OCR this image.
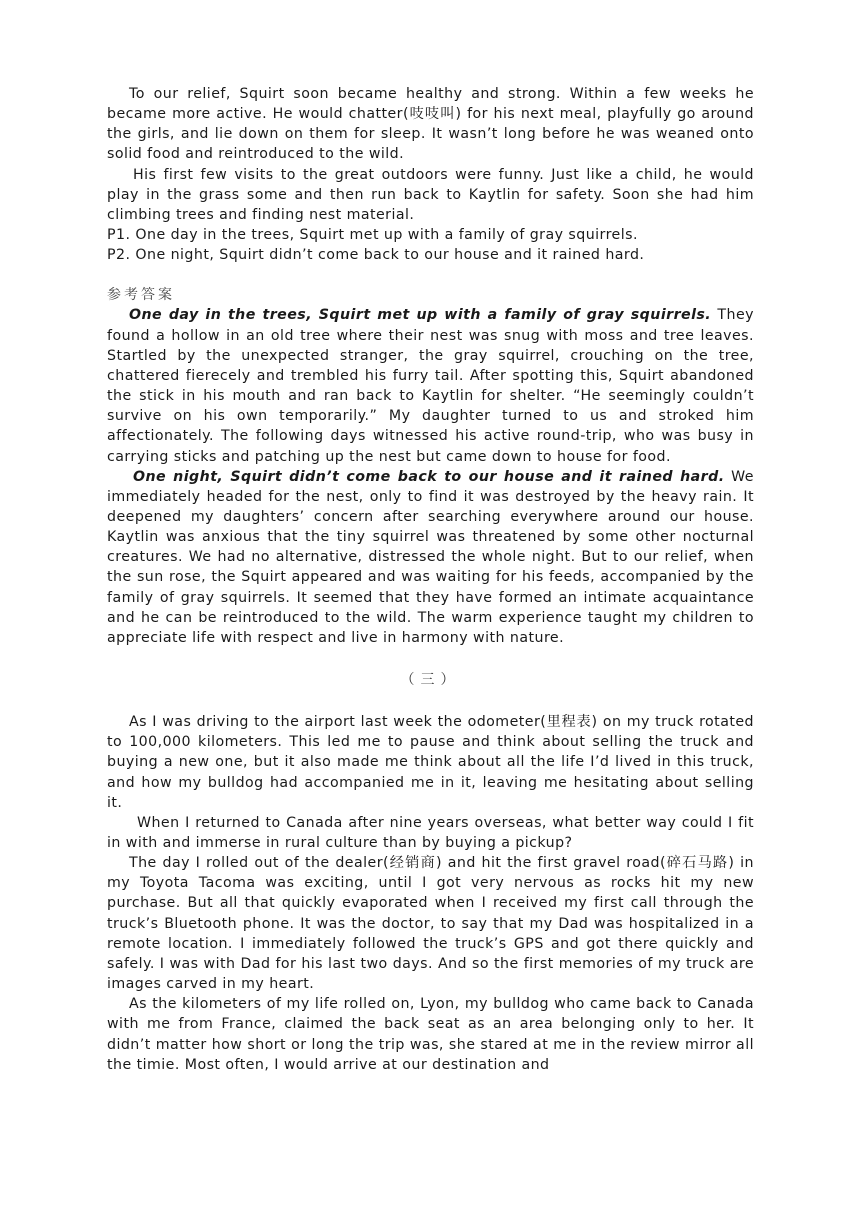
To our relief, Squirt soon became healthy and strong. Within a few weeks he became more active. He would chatter(吱吱叫) for his next meal, playfully go around the girls, and lie down on them for sleep. It wasn’t long before he was weaned onto solid food and reintroduced to the wild.

His first few visits to the great outdoors were funny. Just like a child, he would play in the grass some and then run back to Kaytlin for safety. Soon she had him climbing trees and finding nest material.

P1. One day in the trees, Squirt met up with a family of gray squirrels.

P2. One night, Squirt didn’t come back to our house and it rained hard.

参考答案

One day in the trees, Squirt met up with a family of gray squirrels. They found a hollow in an old tree where their nest was snug with moss and tree leaves. Startled by the unexpected stranger, the gray squirrel, crouching on the tree, chattered fierecely and trembled his furry tail. After spotting this, Squirt abandoned the stick in his mouth and ran back to Kaytlin for shelter. “He seemingly couldn’t survive on his own temporarily.” My daughter turned to us and stroked him affectionately. The following days witnessed his active round-trip, who was busy in carrying sticks and patching up the nest but came down to house for food.

One night, Squirt didn’t come back to our house and it rained hard. We immediately headed for the nest, only to find it was destroyed by the heavy rain. It deepened my daughters’ concern after searching everywhere around our house. Kaytlin was anxious that the tiny squirrel was threatened by some other nocturnal creatures. We had no alternative, distressed the whole night. But to our relief, when the sun rose, the Squirt appeared and was waiting for his feeds, accompanied by the family of gray squirrels. It seemed that they have formed an intimate acquaintance and he can be reintroduced to the wild. The warm experience taught my children to appreciate life with respect and live in harmony with nature.

（三）

As I was driving to the airport last week the odometer(里程表) on my truck rotated to 100,000 kilometers. This led me to pause and think about selling the truck and buying a new one, but it also made me think about all the life I’d lived in this truck, and how my bulldog had accompanied me in it, leaving me hesitating about selling it.

When I returned to Canada after nine years overseas, what better way could I fit in with and immerse in rural culture than by buying a pickup?

The day I rolled out of the dealer(经销商) and hit the first gravel road(碎石马路) in my Toyota Tacoma was exciting, until I got very nervous as rocks hit my new purchase. But all that quickly evaporated when I received my first call through the truck’s Bluetooth phone. It was the doctor, to say that my Dad was hospitalized in a remote location. I immediately followed the truck’s GPS and got there quickly and safely. I was with Dad for his last two days. And so the first memories of my truck are images carved in my heart.

As the kilometers of my life rolled on, Lyon, my bulldog who came back to Canada with me from France, claimed the back seat as an area belonging only to her. It didn’t matter how short or long the trip was, she stared at me in the review mirror all the timie. Most often, I would arrive at our destination and
